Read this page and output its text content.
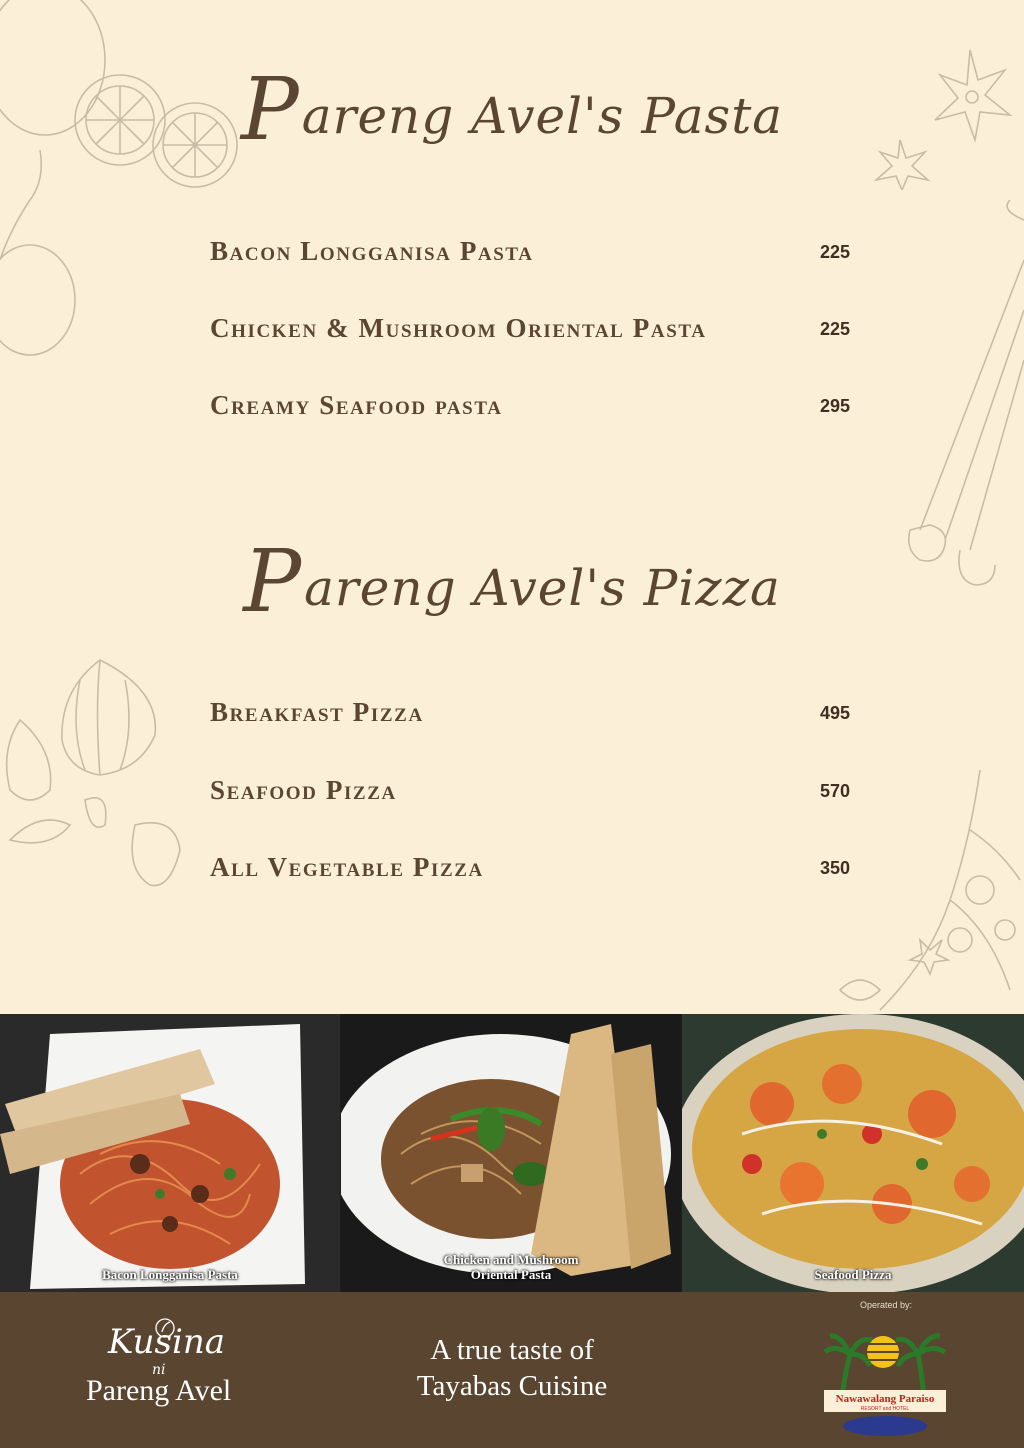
Pareng Avel's Pasta
Bacon Longganisa Pasta	225
Chicken & Mushroom Oriental Pasta	225
Creamy Seafood pasta	295
Pareng Avel's Pizza
Breakfast Pizza	495
Seafood Pizza	570
All Vegetable Pizza	350
Bacon Longganisa Pasta
Chicken and Mushroom
Oriental Pasta	Seafood Pizza
Kusina
ni
Pareng Avel
A true taste of
Tayabas Cuisine
Operated by:
Nawawalang Paraiso
RESORT and HOTEL
